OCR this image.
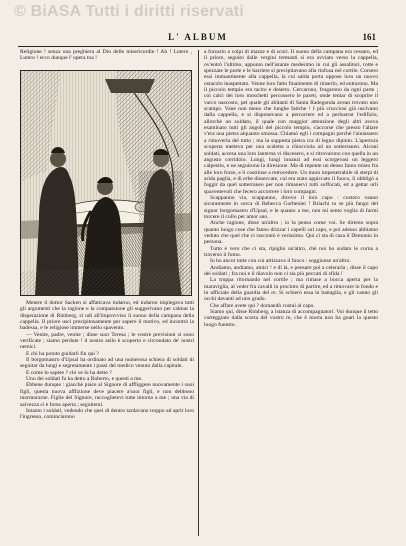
© BiASA Tutti i diritti riservati
L' ALBUM	161

Religione ! senza una preghiera al Dio delle misericordie ! Ah ! Lutero , Lutero ! ecco dunque l' opera tua !

Mentre il dottor Sacken si affaticava indarno, ed indarno impiegava tutti gli argomenti che la ragione e la compassione gli suggerivano per calmar la disperazione di Rimberg, si udì all'improvviso il suono della campana della cappella. Il priore uscì precipitosamente per sapere il motivo, ed incontrò la badessa, e le religiose immerse nello spavento.

— Venite, padre, venite ; disse suor Teresa ; le vostre previsioni si sono verificate ; siamo perdute ! il nostro asilo è scoperto e circondato de' nostri nemici.

E chi ha potuto guidarli fin qui ?

Il borgomastro d'Upsal ha ordinato ad una numerosa schiera di soldati di seguitar da lungi e segretamente i passi del medico venuto dalla capitale.

E come lo sapete ? chi ve lo ha detto ?

Uno dei soldati fu ha detto a Roberto, e questi a me.

Ebbene dunque : giacchè piace al Signore di affliggere nuovamente i suoi figli, questa nuova afflizione deve piacere a'suoi figli, e non debbono mormorarne. Figlie del Signore, raccoglietevi tutte intorno a me ; una via di salvezza ci è forse aperta ; seguitemi.

Intanto i soldati, vedendo che quei di dentro tardavano troppo ad aprir loro l'ingresso, cominciarono

a forzarlo a colpi di mazze e di scuri. Il suono della campana era cessato, ed il priore, seguito dalle vergini tremanti si era avviato verso la cappella, ov'entrò l'ultimo, appunto nell'istante medesimo in cui gli assalitori, rotte e spezzate le porte e le barriere si precipitavano alla rinfusa nel cortile. Corsero essi immantinente alla cappella, la cui salda porta oppose loro un nuovo ostacolo inaspettato. Venne loro fatto finalmente di rinserlo, ed entrarono. Ma il piccolo tempio era tacito e deserto. Cercarono, frugarono da ogni parte ; coi calci dei loro moschetti percossero le pareti, onde tentar di scoprire il varco nascosto, pel quale gli abitanti di Santa Radegonda avean trovato uno scampo. Vane non meno che lunghe fatiche ! I più crucciosi già uscivano dalla cappella, e si disponevano a percorrere ed a perlustrar l'edifizio, allorchè un soldato, il quale con maggior attenzione degli altri aveva esaminato tutti gli angoli del piccolo tempio, s'accorse che presso l'altare v'era una pietra alquanto smossa. Chiamò egli i compagni perchè l'aiutassero a rimoverla del tutto ; ma la suppesta pietra cra di legno dipinto. L'apertura scoperta metteva per una scaletta a chiocciola ad un sotterraneo. Alcuni soldati, accesa una loro lanterna vi discesero, e si ritrovarono con quella in un angusto corridoio. Lungi, lungi innanzi ad essi scorgevasi un leggero calpestio, e ne seguirono la direzione. Ma di repente un denso fumo misto fra alle loro forze, e li costrinse a retrocedere. Un muro impenetrabile di sterpi di arida paglia, e di erbe disseccate, cui era stato appiccato il fuoco, lì obbligò a fuggir da quel sotterraneo per non rimanervi tutti soffocati, ed a gettar urli spaventevoli che fecero accorrere i loro compagni.

Scappanno via, scappanno, dicevo il loro capo : costoro vanno sicuramente in cerca di Rebecca Gorbeniei ! Briachi tu se più fango del signor borgomastro d'Upsal, e le quanto a me, non mi sento voglia di farmi torcere il collo per amor suo.

Anche ragione, disse un'altro ; io la penso come voi. Se diremo sopra quanto luogo cose che fanno drizzar i capelli sul capo, e poi adesso abbiamo veduto che quel che ci raccontò è verissimo. Qui ci sta di casa il Demonio in persona.

Tutto è vero che ci sta, ripiglio un'altro, chè noi ho sudato le corna a traverso il fumo.

Io ho ancor tutte con cui attizzava il fuoco : soggiunse un'altro.

Andiamo, andiamo, amici ! e di là, e pensare poi a celerarla ; disse il capo dei soldati ; fra noi e il diavolo non ci sia più peccati di sfida !

La truppa ritornando nel cortile ; ma rimase a bocca aperta per la maraviglia, al veder fra cavalli in procinto di partire, ed a rimovare in fondo e in ufficiale della guardia del re. Si schierò essa in battaglia, e gli vanno gli occhi davanti ad uno grado.

Che affare avete qui ? domandò costui al capo.

Siamo qui, disse Rimberg, a istanza di accompagnatori. Voi dunque il tetto corteggiato dalla scorta del vostro re, che è morta non ha guari la questo luogo funesto.
